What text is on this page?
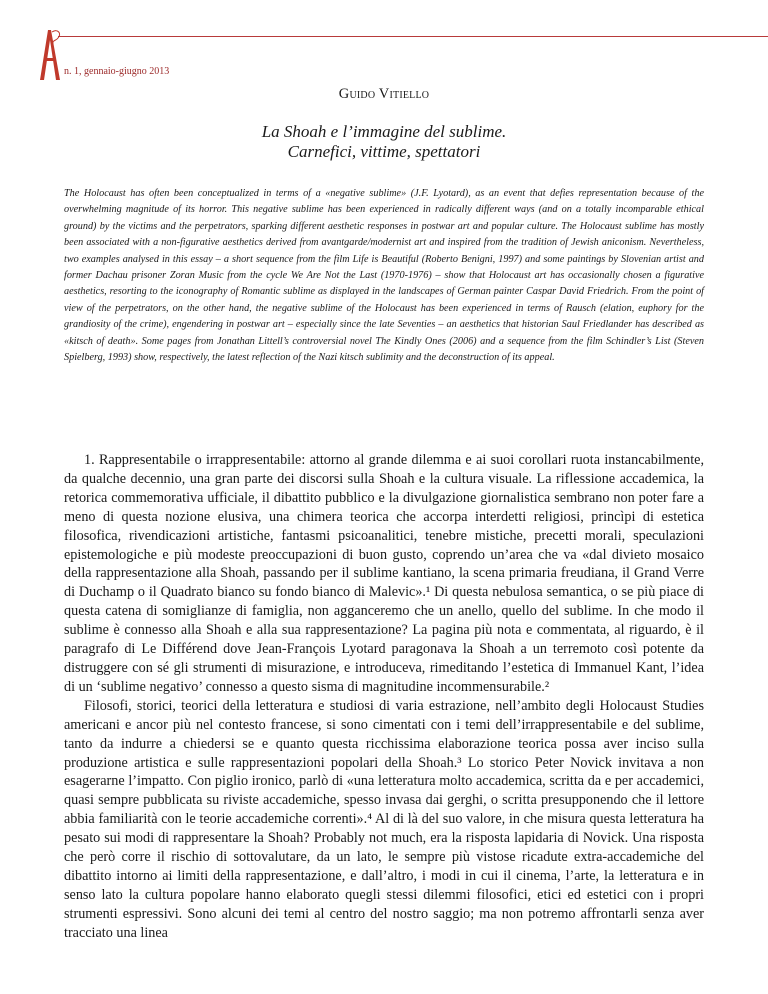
n. 1, gennaio-giugno 2013
Guido Vitiello
La Shoah e l’immagine del sublime.
Carnefici, vittime, spettatori
The Holocaust has often been conceptualized in terms of a «negative sublime» (J.F. Lyotard), as an event that defies representation because of the overwhelming magnitude of its horror. This negative sublime has been experienced in radically different ways (and on a totally incomparable ethical ground) by the victims and the perpetrators, sparking different aesthetic responses in postwar art and popular culture. The Holocaust sublime has mostly been associated with a non-figurative aesthetics derived from avantgarde/modernist art and inspired from the tradition of Jewish aniconism. Nevertheless, two examples analysed in this essay – a short sequence from the film Life is Beautiful (Roberto Benigni, 1997) and some paintings by Slovenian artist and former Dachau prisoner Zoran Music from the cycle We Are Not the Last (1970-1976) – show that Holocaust art has occasionally chosen a figurative aesthetics, resorting to the iconography of Romantic sublime as displayed in the landscapes of German painter Caspar David Friedrich. From the point of view of the perpetrators, on the other hand, the negative sublime of the Holocaust has been experienced in terms of Rausch (elation, euphory for the grandiosity of the crime), engendering in postwar art – especially since the late Seventies – an aesthetics that historian Saul Friedlander has described as «kitsch of death». Some pages from Jonathan Littell’s controversial novel The Kindly Ones (2006) and a sequence from the film Schindler’s List (Steven Spielberg, 1993) show, respectively, the latest reflection of the Nazi kitsch sublimity and the deconstruction of its appeal.

1. Rappresentabile o irrappresentabile: attorno al grande dilemma e ai suoi corollari ruota instancabilmente, da qualche decennio, una gran parte dei discorsi sulla Shoah e la cultura visuale. La riflessione accademica, la retorica commemorativa ufficiale, il dibattito pubblico e la divulgazione giornalistica sembrano non poter fare a meno di questa nozione elusiva, una chimera teorica che accorpa interdetti religiosi, princìpi di estetica filosofica, rivendicazioni artistiche, fantasmi psicoanalitici, tenebre mistiche, precetti morali, speculazioni epistemologiche e più modeste preoccupazioni di buon gusto, coprendo un’area che va «dal divieto mosaico della rappresentazione alla Shoah, passando per il sublime kantiano, la scena primaria freudiana, il Grand Verre di Duchamp o il Quadrato bianco su fondo bianco di Malevic».¹ Di questa nebulosa semantica, o se più piace di questa catena di somiglianze di famiglia, non agganceremo che un anello, quello del sublime. In che modo il sublime è connesso alla Shoah e alla sua rappresentazione? La pagina più nota e commentata, al riguardo, è il paragrafo di Le Différend dove Jean-François Lyotard paragonava la Shoah a un terremoto così potente da distruggere con sé gli strumenti di misurazione, e introduceva, rimeditando l’estetica di Immanuel Kant, l’idea di un ‘sublime negativo’ connesso a questo sisma di magnitudine incommensurabile.²

Filosofi, storici, teorici della letteratura e studiosi di varia estrazione, nell’ambito degli Holocaust Studies americani e ancor più nel contesto francese, si sono cimentati con i temi dell’irrappresentabile e del sublime, tanto da indurre a chiedersi se e quanto questa ricchissima elaborazione teorica possa aver inciso sulla produzione artistica e sulle rappresentazioni popolari della Shoah.³ Lo storico Peter Novick invitava a non esagerarne l’impatto. Con piglio ironico, parlò di «una letteratura molto accademica, scritta da e per accademici, quasi sempre pubblicata su riviste accademiche, spesso invasa dai gerghi, o scritta presupponendo che il lettore abbia familiarità con le teorie accademiche correnti».⁴ Al di là del suo valore, in che misura questa letteratura ha pesato sui modi di rappresentare la Shoah? Probably not much, era la risposta lapidaria di Novick. Una risposta che però corre il rischio di sottovalutare, da un lato, le sempre più vistose ricadute extra-accademiche del dibattito intorno ai limiti della rappresentazione, e dall’altro, i modi in cui il cinema, l’arte, la letteratura e in senso lato la cultura popolare hanno elaborato quegli stessi dilemmi filosofici, etici ed estetici con i propri strumenti espressivi. Sono alcuni dei temi al centro del nostro saggio; ma non potremo affrontarli senza aver tracciato una linea
